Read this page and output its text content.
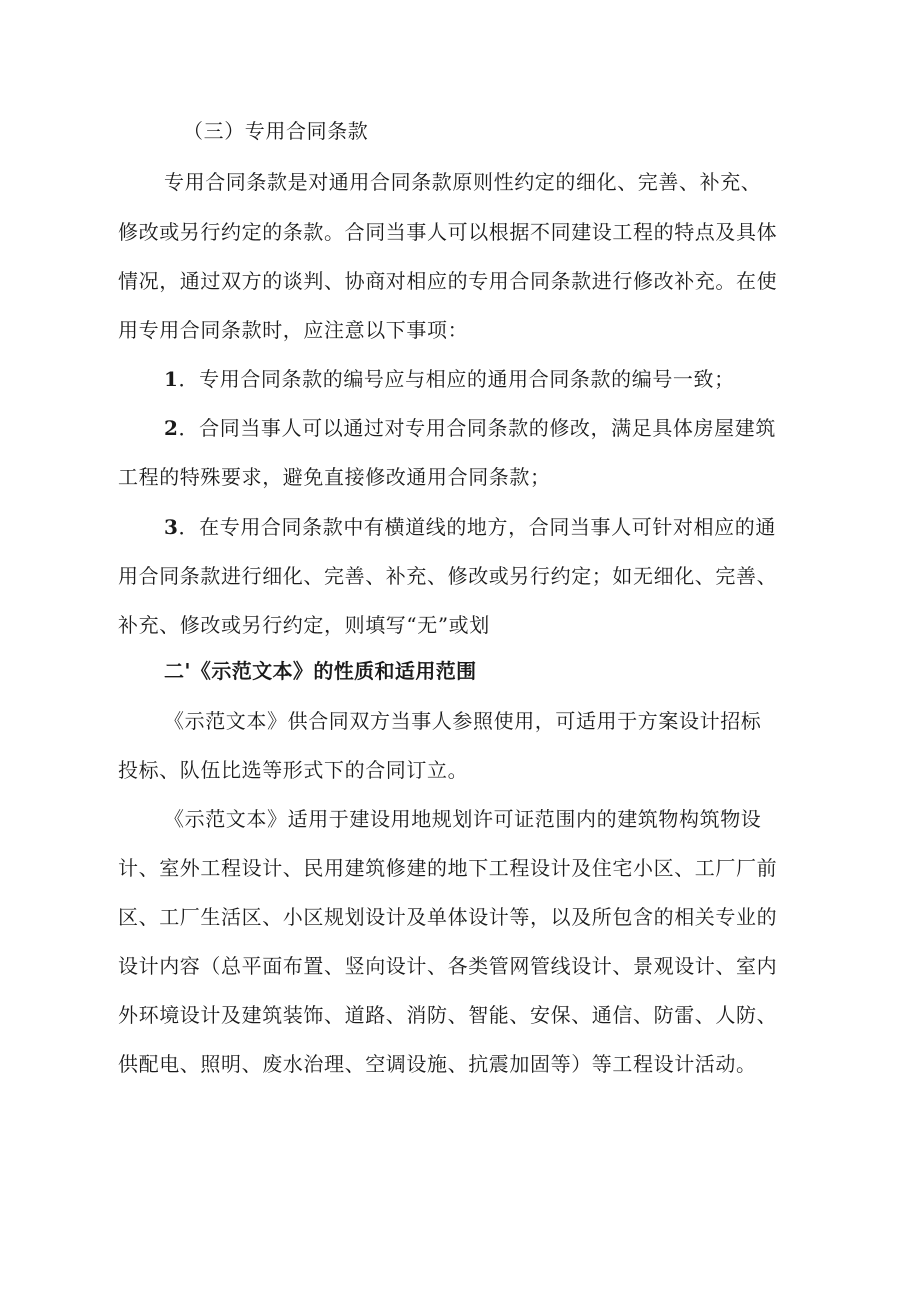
（三）专用合同条款

专用合同条款是对通用合同条款原则性约定的细化、完善、补充、

修改或另行约定的条款。合同当事人可以根据不同建设工程的特点及具体

情况，通过双方的谈判、协商对相应的专用合同条款进行修改补充。在使

用专用合同条款时，应注意以下事项：

1．专用合同条款的编号应与相应的通用合同条款的编号一致；

2．合同当事人可以通过对专用合同条款的修改，满足具体房屋建筑

工程的特殊要求，避免直接修改通用合同条款；

3．在专用合同条款中有横道线的地方，合同当事人可针对相应的通

用合同条款进行细化、完善、补充、修改或另行约定；如无细化、完善、

补充、修改或另行约定，则填写“无”或划

二'《示范文本》的性质和适用范围

《示范文本》供合同双方当事人参照使用，可适用于方案设计招标

投标、队伍比选等形式下的合同订立。

《示范文本》适用于建设用地规划许可证范围内的建筑物构筑物设

计、室外工程设计、民用建筑修建的地下工程设计及住宅小区、工厂厂前

区、工厂生活区、小区规划设计及单体设计等，以及所包含的相关专业的

设计内容（总平面布置、竖向设计、各类管网管线设计、景观设计、室内

外环境设计及建筑装饰、道路、消防、智能、安保、通信、防雷、人防、

供配电、照明、废水治理、空调设施、抗震加固等）等工程设计活动。
